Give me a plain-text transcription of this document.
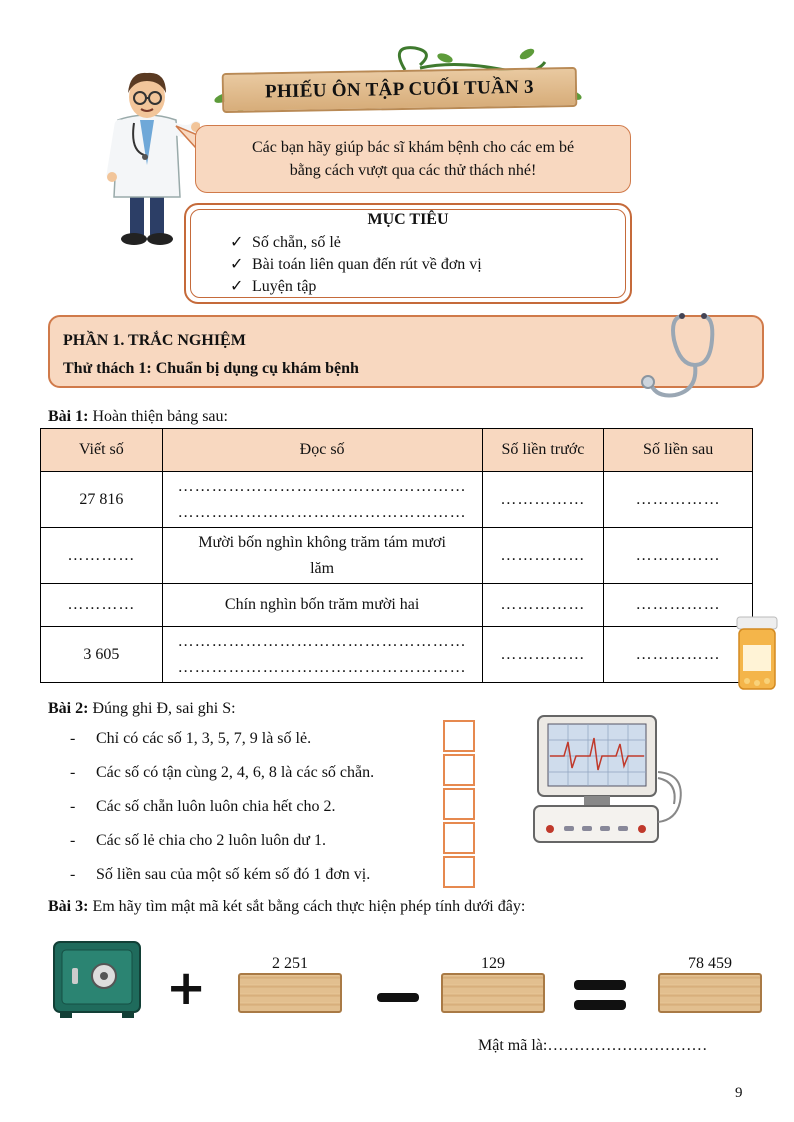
PHIẾU ÔN TẬP CUỐI TUẦN 3
Các bạn hãy giúp bác sĩ khám bệnh cho các em bé
bằng cách vượt qua các thử thách nhé!
MỤC TIÊU
✓ Số chẵn, số lẻ
✓ Bài toán liên quan đến rút về đơn vị
✓ Luyện tập
PHẦN 1. TRẮC NGHIỆM
Thử thách 1: Chuẩn bị dụng cụ khám bệnh
Bài 1: Hoàn thiện bảng sau:
Viết số	Đọc số	Số liền trước	Số liền sau
27 816	……………………………………………
……………………………………………	……………	……………
…………	Mười bốn nghìn không trăm tám mươi
lăm	……………	……………
…………	Chín nghìn bốn trăm mười hai	……………	……………
3 605	……………………………………………
……………………………………………	……………	……………
Bài 2: Đúng ghi Đ, sai ghi S:
- Chỉ có các số 1, 3, 5, 7, 9 là số lẻ.
- Các số có tận cùng 2, 4, 6, 8 là các số chẵn.
- Các số chẵn luôn luôn chia hết cho 2.
- Các số lẻ chia cho 2 luôn luôn dư 1.
- Số liền sau của một số kém số đó 1 đơn vị.
Bài 3: Em hãy tìm mật mã két sắt bằng cách thực hiện phép tính dưới đây:
+	2 251	129	78 459
Mật mã là:…………………………
9
